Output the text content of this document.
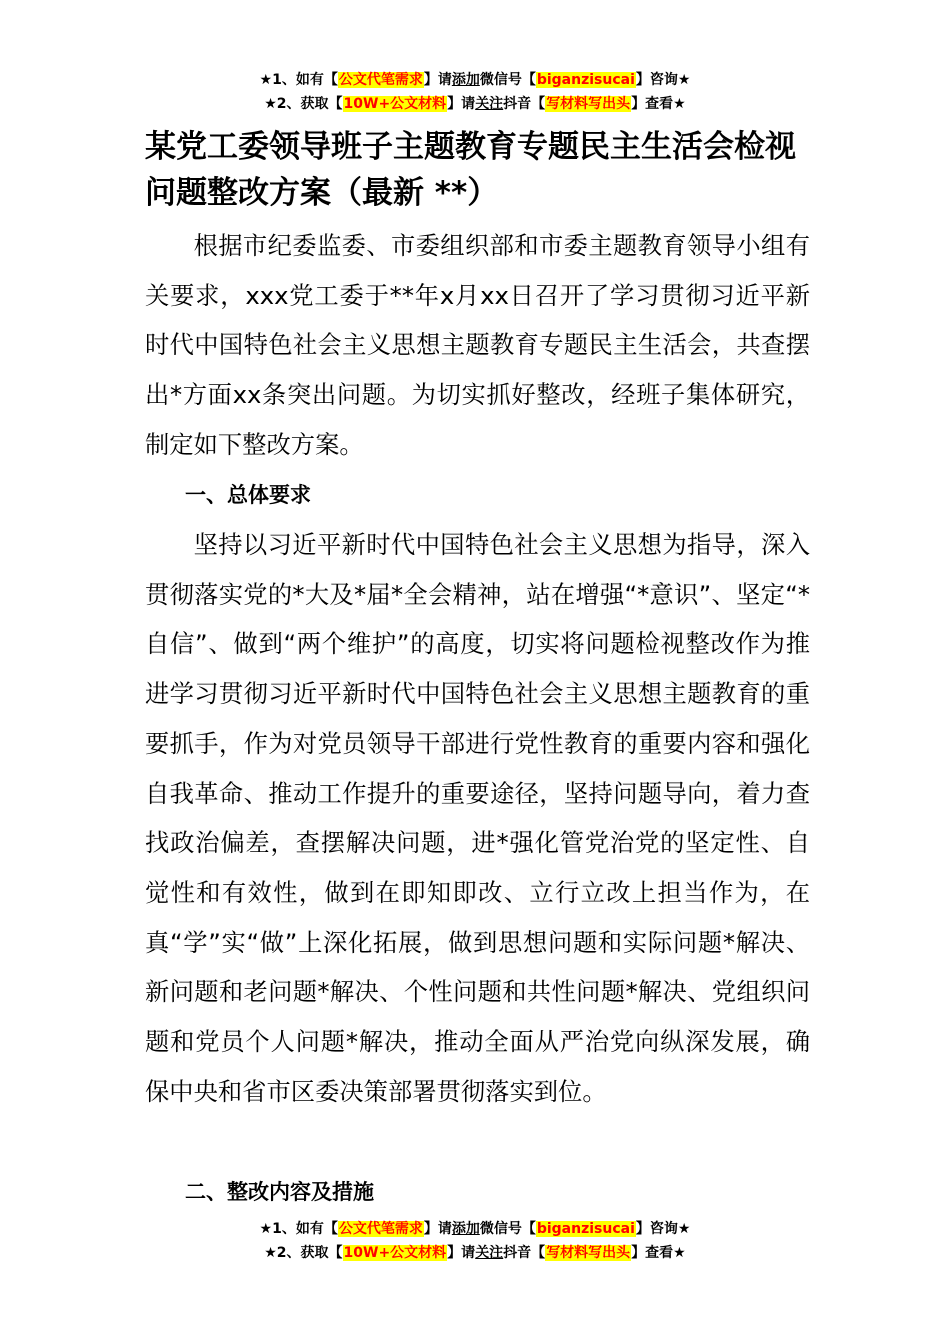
★1、如有【公文代笔需求】请添加微信号【biganzisucai】咨询★
★2、获取【10W+公文材料】请关注抖音【写材料写出头】查看★
某党工委领导班子主题教育专题民主生活会检视问题整改方案（最新 **）

根据市纪委监委、市委组织部和市委主题教育领导小组有关要求，xxx党工委于**年x月xx日召开了学习贯彻习近平新时代中国特色社会主义思想主题教育专题民主生活会，共查摆出*方面xx条突出问题。为切实抓好整改，经班子集体研究，制定如下整改方案。

一、总体要求

坚持以习近平新时代中国特色社会主义思想为指导，深入贯彻落实党的*大及*届*全会精神，站在增强“*意识”、坚定“*自信”、做到“两个维护”的高度，切实将问题检视整改作为推进学习贯彻习近平新时代中国特色社会主义思想主题教育的重要抓手，作为对党员领导干部进行党性教育的重要内容和强化自我革命、推动工作提升的重要途径，坚持问题导向，着力查找政治偏差，查摆解决问题，进*强化管党治党的坚定性、自觉性和有效性，做到在即知即改、立行立改上担当作为，在真“学”实“做”上深化拓展，做到思想问题和实际问题*解决、新问题和老问题*解决、个性问题和共性问题*解决、党组织问题和党员个人问题*解决，推动全面从严治党向纵深发展，确保中央和省市区委决策部署贯彻落实到位。

二、整改内容及措施

★1、如有【公文代笔需求】请添加微信号【biganzisucai】咨询★
★2、获取【10W+公文材料】请关注抖音【写材料写出头】查看★
